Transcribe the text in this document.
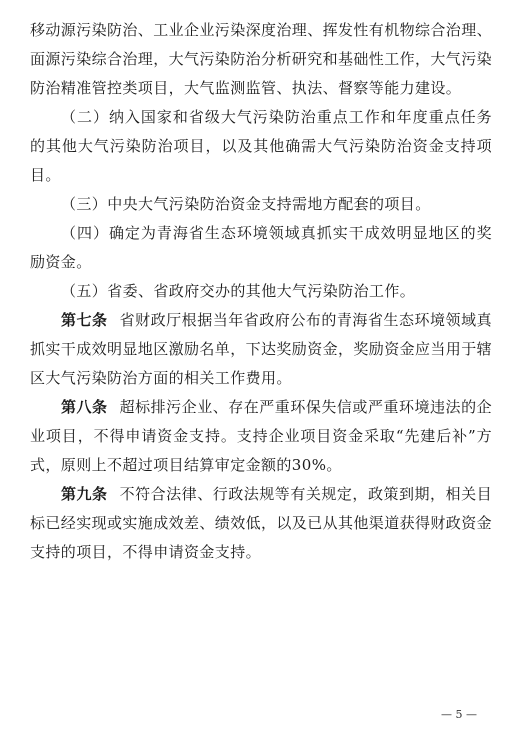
移动源污染防治、工业企业污染深度治理、挥发性有机物综合治理、面源污染综合治理，大气污染防治分析研究和基础性工作，大气污染防治精准管控类项目，大气监测监管、执法、督察等能力建设。

（二）纳入国家和省级大气污染防治重点工作和年度重点任务的其他大气污染防治项目，以及其他确需大气污染防治资金支持项目。

（三）中央大气污染防治资金支持需地方配套的项目。

（四）确定为青海省生态环境领域真抓实干成效明显地区的奖励资金。

（五）省委、省政府交办的其他大气污染防治工作。

第七条 省财政厅根据当年省政府公布的青海省生态环境领域真抓实干成效明显地区激励名单，下达奖励资金，奖励资金应当用于辖区大气污染防治方面的相关工作费用。

第八条 超标排污企业、存在严重环保失信或严重环境违法的企业项目，不得申请资金支持。支持企业项目资金采取“先建后补”方式，原则上不超过项目结算审定金额的30%。

第九条 不符合法律、行政法规等有关规定，政策到期，相关目标已经实现或实施成效差、绩效低，以及已从其他渠道获得财政资金支持的项目，不得申请资金支持。

— 5 —
